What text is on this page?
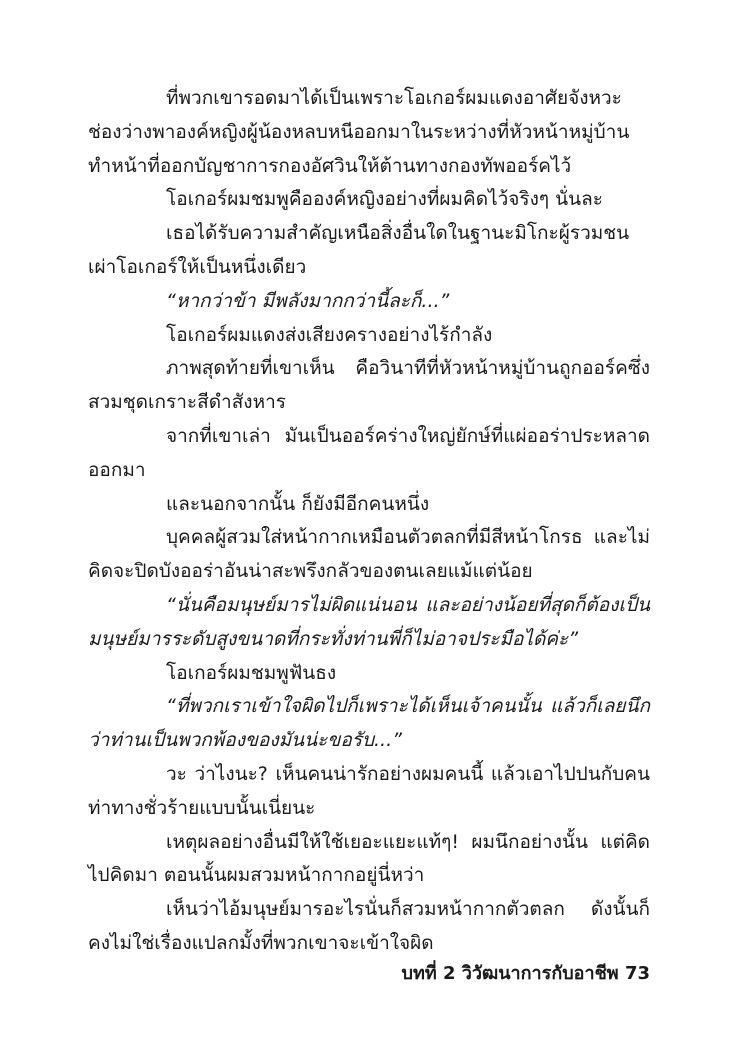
ที่พวกเขารอดมาได้เป็นเพราะโอเกอร์ผมแดงอาศัยจังหวะช่องว่างพาองค์หญิงผู้น้องหลบหนีออกมาในระหว่างที่หัวหน้าหมู่บ้านทำหน้าที่ออกบัญชาการกองอัศวินให้ต้านทางกองทัพออร์คไว้

โอเกอร์ผมชมพูคือองค์หญิงอย่างที่ผมคิดไว้จริงๆ นั่นละ

เธอได้รับความสำคัญเหนือสิ่งอื่นใดในฐานะมิโกะผู้รวมชนเผ่าโอเกอร์ให้เป็นหนึ่งเดียว

“หากว่าข้า มีพลังมากกว่านี้ละก็...”

โอเกอร์ผมแดงส่งเสียงครางอย่างไร้กำลัง

ภาพสุดท้ายที่เขาเห็น คือวินาทีที่หัวหน้าหมู่บ้านถูกออร์คซึ่งสวมชุดเกราะสีดำสังหาร

จากที่เขาเล่า มันเป็นออร์คร่างใหญ่ยักษ์ที่แผ่ออร่าประหลาดออกมา

และนอกจากนั้น ก็ยังมีอีกคนหนึ่ง

บุคคลผู้สวมใส่หน้ากากเหมือนตัวตลกที่มีสีหน้าโกรธ และไม่คิดจะปิดบังออร่าอันน่าสะพรึงกลัวของตนเลยแม้แต่น้อย

“นั่นคือมนุษย์มารไม่ผิดแน่นอน และอย่างน้อยที่สุดก็ต้องเป็นมนุษย์มารระดับสูงขนาดที่กระทั่งท่านพี่ก็ไม่อาจประมือได้ค่ะ”

โอเกอร์ผมชมพูฟันธง

“ที่พวกเราเข้าใจผิดไปก็เพราะได้เห็นเจ้าคนนั้น แล้วก็เลยนึกว่าท่านเป็นพวกพ้องของมันน่ะขอรับ...”

วะ ว่าไงนะ? เห็นคนน่ารักอย่างผมคนนี้ แล้วเอาไปปนกับคนท่าทางชั่วร้ายแบบนั้นเนี่ยนะ

เหตุผลอย่างอื่นมีให้ใช้เยอะแยะแท้ๆ! ผมนึกอย่างนั้น แต่คิดไปคิดมา ตอนนั้นผมสวมหน้ากากอยู่นี่หว่า

เห็นว่าไอ้มนุษย์มารอะไรนั่นก็สวมหน้ากากตัวตลก ดังนั้นก็คงไม่ใช่เรื่องแปลกมั้งที่พวกเขาจะเข้าใจผิด

บทที่ 2 วิวัฒนาการกับอาชีพ 73
